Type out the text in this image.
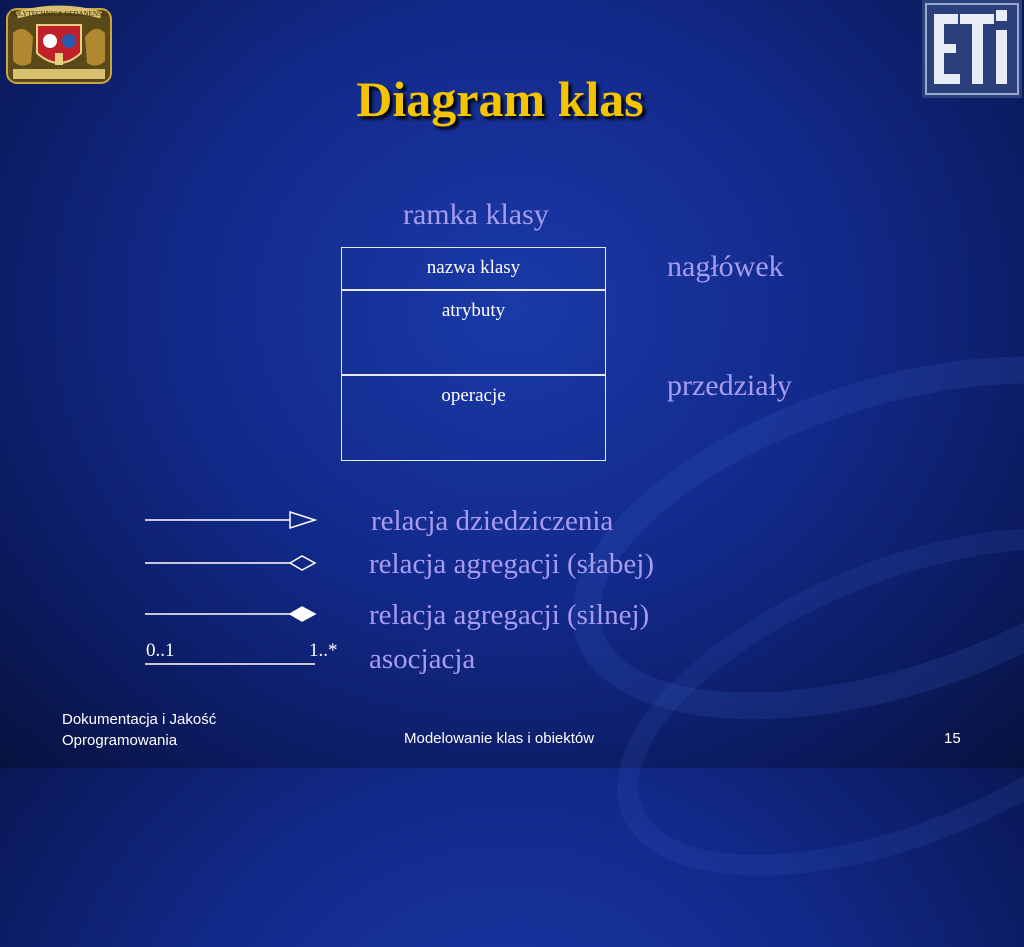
POLYTECHNICA GEDANENSIS
ETI
Diagram klas
ramka klasy
nazwa klasy
atrybuty
operacje
nagłówek
przedziały
0..1	1..*
relacja dziedziczenia
relacja agregacji (słabej)
relacja agregacji (silnej)
asocjacja
Dokumentacja i Jakość
Oprogramowania	Modelowanie klas i obiektów	15
